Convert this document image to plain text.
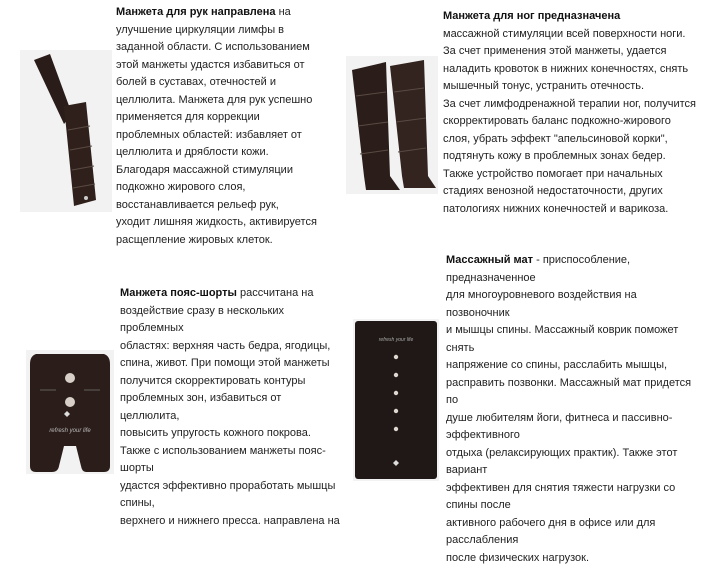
Манжета для рук направлена на

улучшение циркуляции лимфы в

заданной области. С использованием

этой манжеты удастся избавиться от

болей в суставах, отечностей и

целлюлита. Манжета для рук успешно

применяется для коррекции

проблемных областей: избавляет от

целлюлита и дряблости кожи.

Благодаря массажной стимуляции

подкожно жирового слоя,

восстанавливается рельеф рук,

уходит лишняя жидкость, активируется

расщепление жировых клеток.

Манжета для ног предназначена

массажной стимуляции всей поверхности ноги.

За счет применения этой манжеты, удается

наладить кровоток в нижних конечностях, снять

мышечный тонус, устранить отечность.

За счет лимфодренажной терапии ног, получится

скорректировать баланс подкожно-жирового

слоя, убрать эффект "апельсиновой корки",

подтянуть кожу в проблемных зонах бедер.

Также устройство помогает при начальных

стадиях венозной недостаточности, других

патологиях нижних конечностей и варикоза.

refresh your life

Манжета пояс-шорты рассчитана на

воздействие сразу в нескольких

проблемных

областях: верхняя часть бедра, ягодицы,

спина, живот. При помощи этой манжеты

получится скорректировать контуры

проблемных зон, избавиться от

целлюлита,

повысить упругость кожного покрова.

Также с использованием манжеты пояс-

шорты

удастся эффективно проработать мышцы

спины,

верхнего и нижнего пресса. направлена на

refresh your life

Массажный мат - приспособление,

предназначенное

для многоуровневого воздействия на

позвоночник

и мышцы спины. Массажный коврик поможет

снять

напряжение со спины, расслабить мышцы,

расправить позвонки. Массажный мат придется

по

душе любителям йоги, фитнеса и пассивно-

эффективного

отдыха (релаксирующих практик). Также этот

вариант

эффективен для снятия тяжести нагрузки со

спины после

активного рабочего дня в офисе или для

расслабления

после физических нагрузок.
